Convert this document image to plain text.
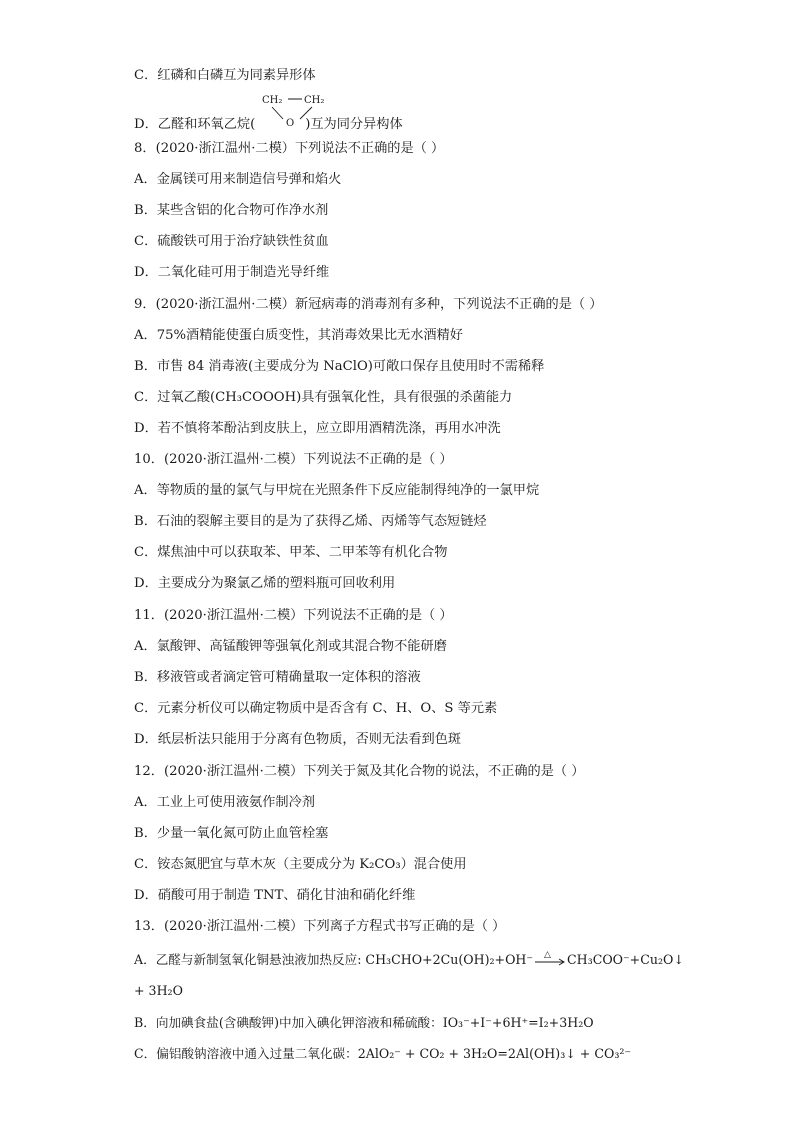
C．红磷和白磷互为同素异形体
D．乙醛和环氧乙烷(	)互为同分异构体
CH₂ CH₂
O
8．(2020·浙江温州·二模）下列说法不正确的是（ ）
A．金属镁可用来制造信号弹和焰火
B．某些含铝的化合物可作净水剂
C．硫酸铁可用于治疗缺铁性贫血
D．二氧化硅可用于制造光导纤维
9．(2020·浙江温州·二模）新冠病毒的消毒剂有多种，下列说法不正确的是（ ）
A．75%酒精能使蛋白质变性，其消毒效果比无水酒精好
B．市售 84 消毒液(主要成分为 NaClO)可敞口保存且使用时不需稀释
C．过氧乙酸(CH₃COOOH)具有强氧化性，具有很强的杀菌能力
D．若不慎将苯酚沾到皮肤上，应立即用酒精洗涤，再用水冲洗
10．(2020·浙江温州·二模）下列说法不正确的是（ ）
A．等物质的量的氯气与甲烷在光照条件下反应能制得纯净的一氯甲烷
B．石油的裂解主要目的是为了获得乙烯、丙烯等气态短链烃
C．煤焦油中可以获取苯、甲苯、二甲苯等有机化合物
D．主要成分为聚氯乙烯的塑料瓶可回收利用
11．(2020·浙江温州·二模）下列说法不正确的是（ ）
A．氯酸钾、高锰酸钾等强氧化剂或其混合物不能研磨
B．移液管或者滴定管可精确量取一定体积的溶液
C．元素分析仪可以确定物质中是否含有 C、H、O、S 等元素
D．纸层析法只能用于分离有色物质，否则无法看到色斑
12．(2020·浙江温州·二模）下列关于氮及其化合物的说法，不正确的是（ ）
A．工业上可使用液氨作制冷剂
B．少量一氧化氮可防止血管栓塞
C．铵态氮肥宜与草木灰（主要成分为 K₂CO₃）混合使用
D．硝酸可用于制造 TNT、硝化甘油和硝化纤维
13．(2020·浙江温州·二模）下列离子方程式书写正确的是（ ）
A．乙醛与新制氢氧化铜悬浊液加热反应: CH₃CHO+2Cu(OH)₂+OH⁻ △ CH₃COO⁻+Cu₂O↓
+ 3H₂O
B．向加碘食盐(含碘酸钾)中加入碘化钾溶液和稀硫酸：IO₃⁻+I⁻+6H⁺=I₂+3H₂O
C．偏铝酸钠溶液中通入过量二氧化碳：2AlO₂⁻ + CO₂ + 3H₂O=2Al(OH)₃↓ + CO₃²⁻
